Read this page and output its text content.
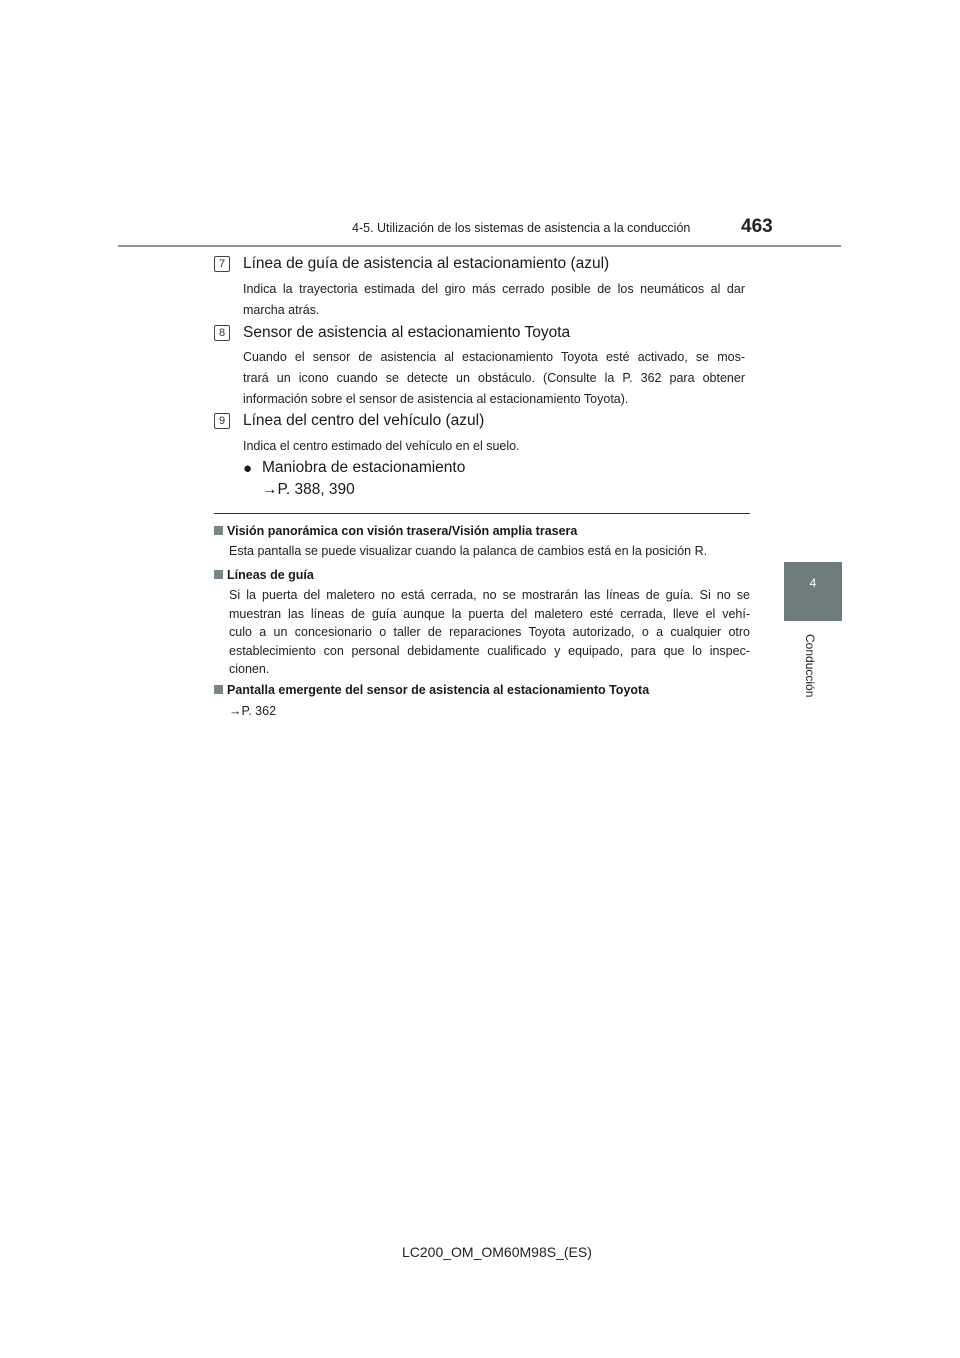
4-5. Utilización de los sistemas de asistencia a la conducción	463
4
Conducción
7	Línea de guía de asistencia al estacionamiento (azul)
Indica la trayectoria estimada del giro más cerrado posible de los neumáticos al dar
marcha atrás.
8	Sensor de asistencia al estacionamiento Toyota
Cuando el sensor de asistencia al estacionamiento Toyota esté activado, se mos-
trará un icono cuando se detecte un obstáculo. (Consulte la P. 362 para obtener
información sobre el sensor de asistencia al estacionamiento Toyota).
9	Línea del centro del vehículo (azul)
Indica el centro estimado del vehículo en el suelo.
● Maniobra de estacionamiento
→P. 388, 390
Visión panorámica con visión trasera/Visión amplia trasera
Esta pantalla se puede visualizar cuando la palanca de cambios está en la posición R.
Líneas de guía
Si la puerta del maletero no está cerrada, no se mostrarán las líneas de guía. Si no se
muestran las líneas de guía aunque la puerta del maletero esté cerrada, lleve el vehí-
culo a un concesionario o taller de reparaciones Toyota autorizado, o a cualquier otro
establecimiento con personal debidamente cualificado y equipado, para que lo inspec-
cionen.
Pantalla emergente del sensor de asistencia al estacionamiento Toyota
→P. 362
LC200_OM_OM60M98S_(ES)
